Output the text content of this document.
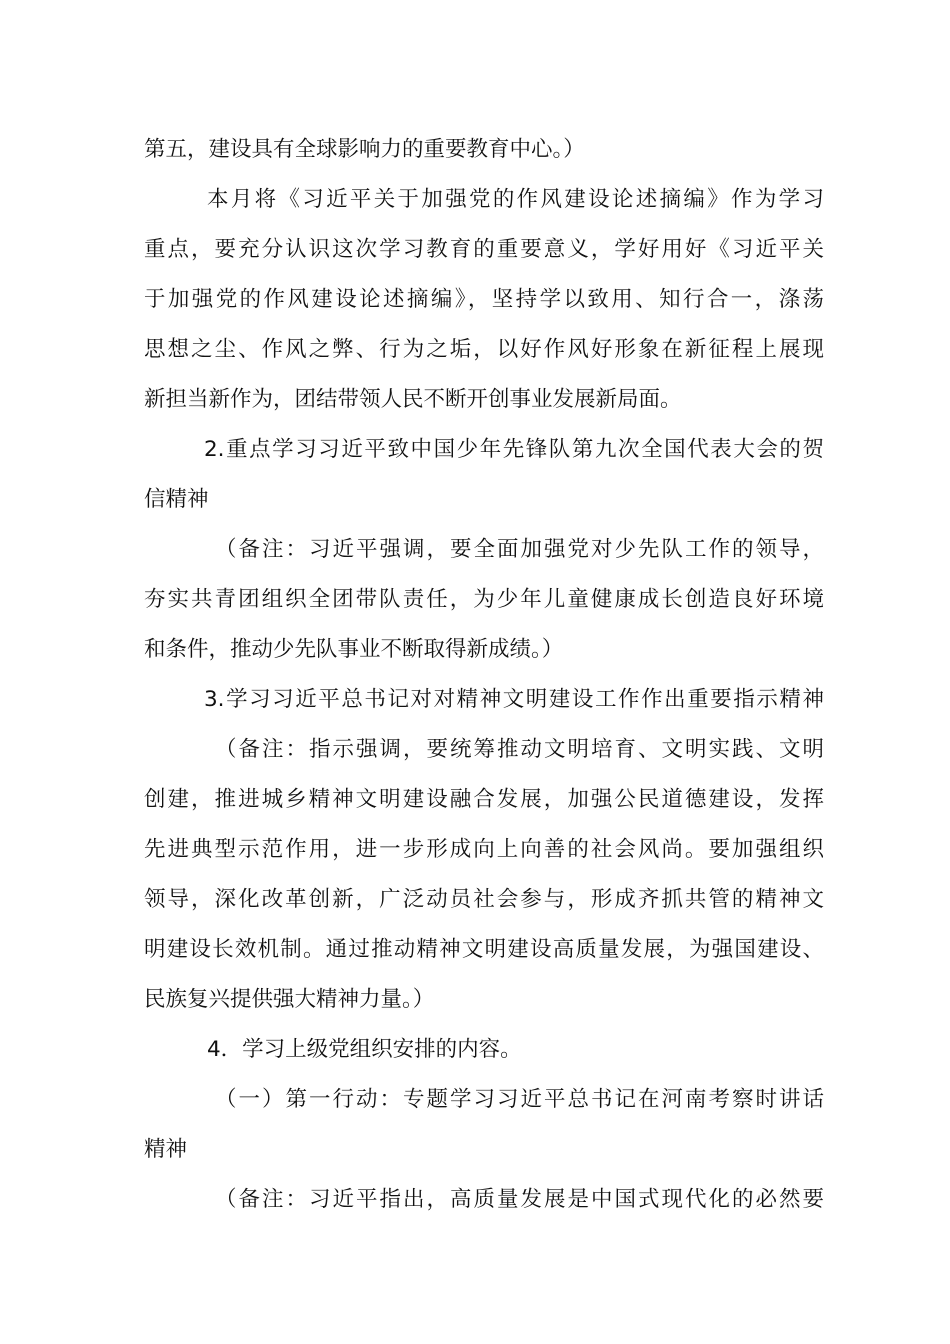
第五，建设具有全球影响力的重要教育中心。）
本月将《习近平关于加强党的作风建设论述摘编》作为学习
重点，要充分认识这次学习教育的重要意义，学好用好《习近平关
于加强党的作风建设论述摘编》，坚持学以致用、知行合一，涤荡
思想之尘、作风之弊、行为之垢，以好作风好形象在新征程上展现
新担当新作为，团结带领人民不断开创事业发展新局面。
2.重点学习习近平致中国少年先锋队第九次全国代表大会的贺
信精神
（备注：习近平强调，要全面加强党对少先队工作的领导，
夯实共青团组织全团带队责任，为少年儿童健康成长创造良好环境
和条件，推动少先队事业不断取得新成绩。）
3.学习习近平总书记对对精神文明建设工作作出重要指示精神
（备注：指示强调，要统筹推动文明培育、文明实践、文明
创建，推进城乡精神文明建设融合发展，加强公民道德建设，发挥
先进典型示范作用，进一步形成向上向善的社会风尚。要加强组织
领导，深化改革创新，广泛动员社会参与，形成齐抓共管的精神文
明建设长效机制。通过推动精神文明建设高质量发展，为强国建设、
民族复兴提供强大精神力量。）
4．学习上级党组织安排的内容。
（一）第一行动：专题学习习近平总书记在河南考察时讲话
精神
（备注：习近平指出，高质量发展是中国式现代化的必然要
